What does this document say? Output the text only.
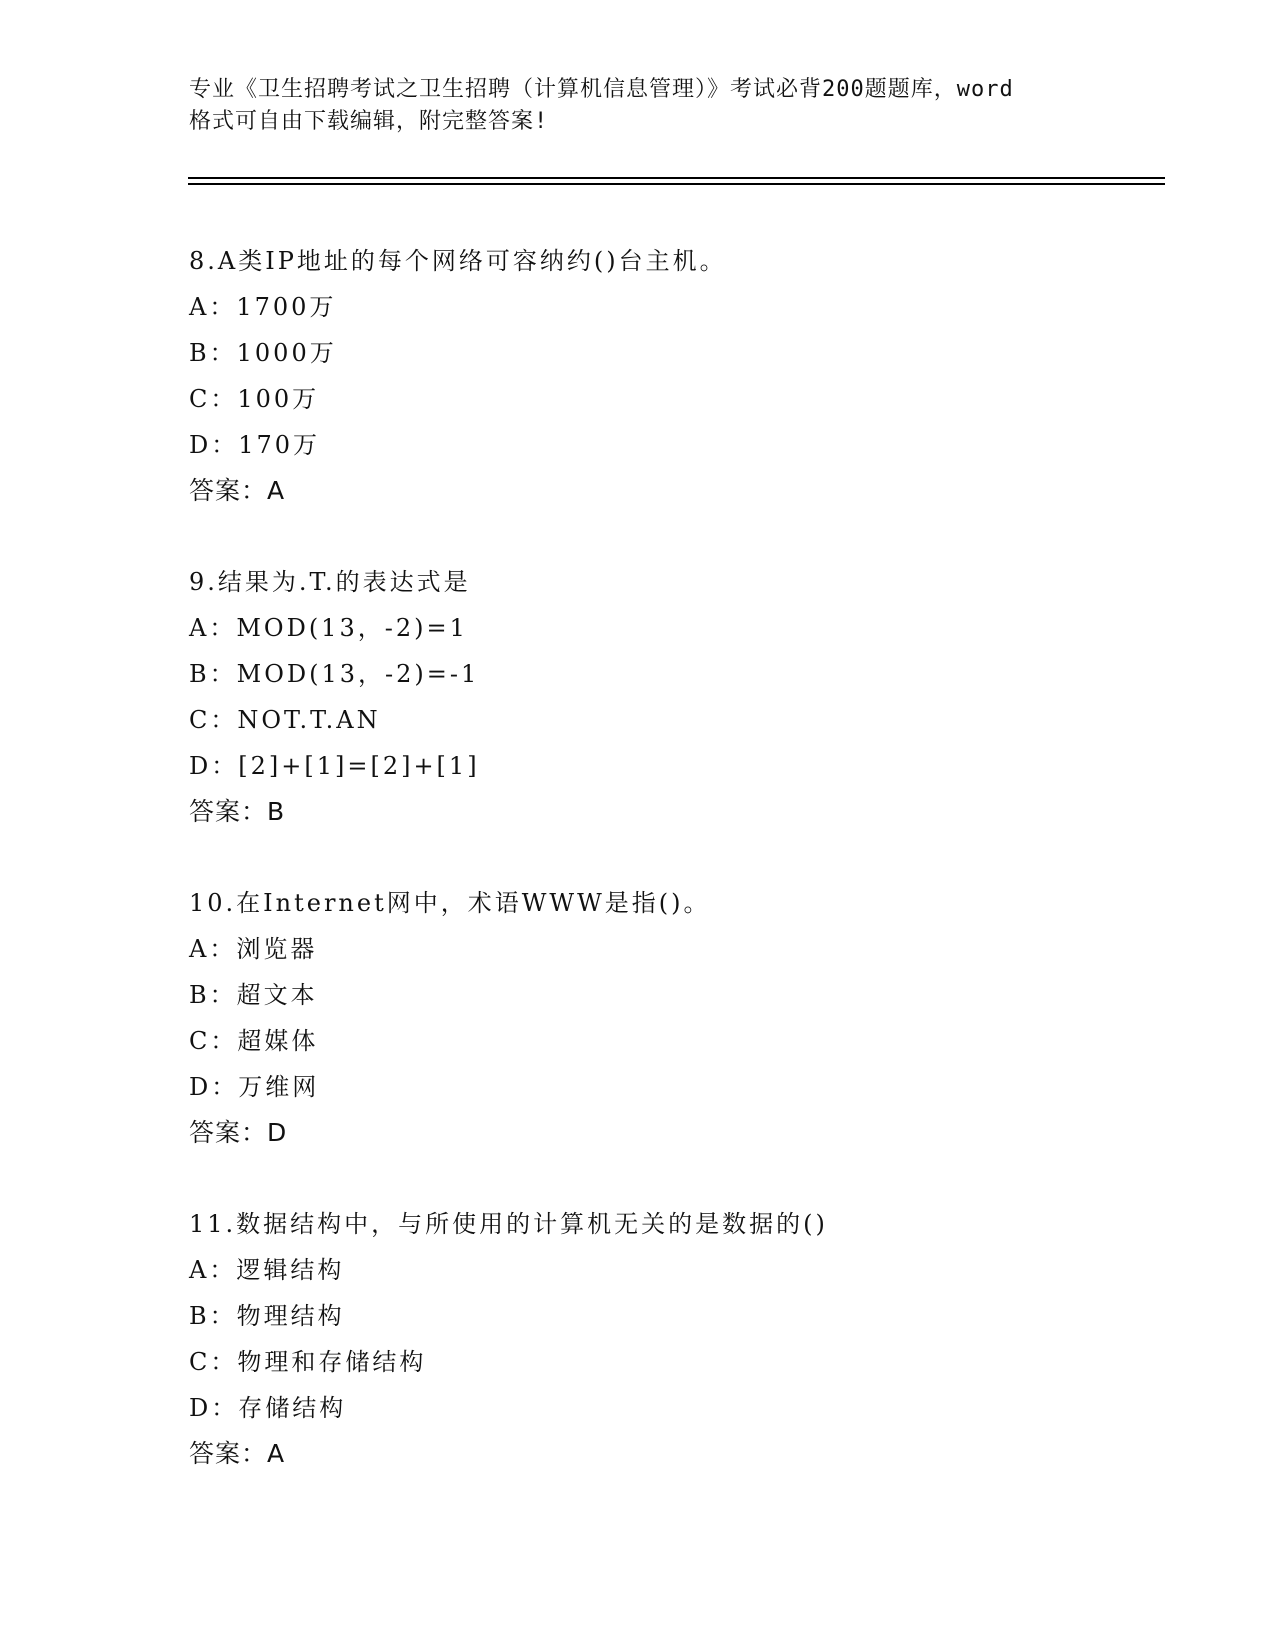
专业《卫生招聘考试之卫生招聘（计算机信息管理）》考试必背200题题库，word
格式可自由下载编辑，附完整答案!
8.A类IP地址的每个网络可容纳约()台主机。
A：1700万
B：1000万
C：100万
D：170万
答案：A
9.结果为.T.的表达式是
A：MOD(13，-2)=1
B：MOD(13，-2)=-1
C：NOT.T.AN
D：[2]+[1]=[2]+[1]
答案：B
10.在Internet网中，术语WWW是指()。
A：浏览器
B：超文本
C：超媒体
D：万维网
答案：D
11.数据结构中，与所使用的计算机无关的是数据的()
A：逻辑结构
B：物理结构
C：物理和存储结构
D：存储结构
答案：A
